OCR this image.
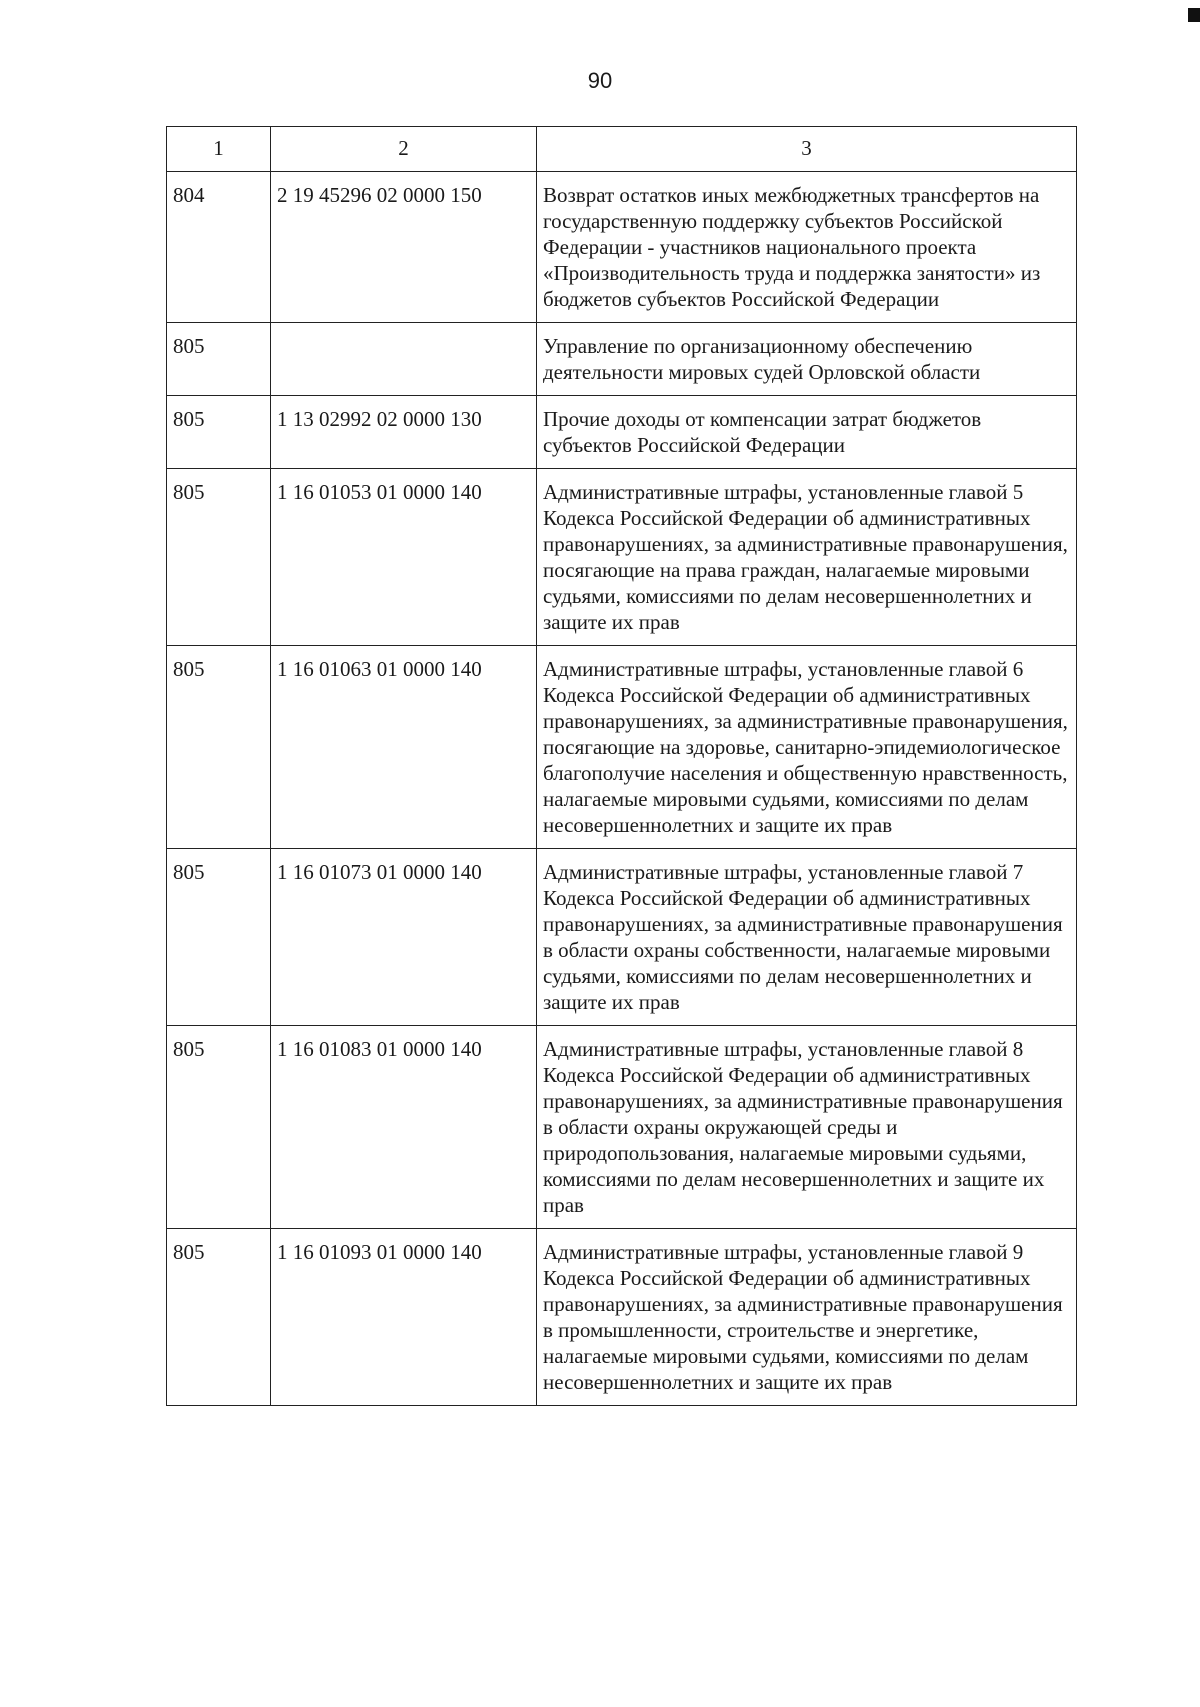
90
1	2	3
804	2 19 45296 02 0000 150	Возврат остатков иных межбюджетных трансфертов на государственную поддержку субъектов Российской Федерации - участников национального проекта «Производительность труда и поддержка занятости» из бюджетов субъектов Российской Федерации
805		Управление по организационному обеспечению деятельности мировых судей Орловской области
805	1 13 02992 02 0000 130	Прочие доходы от компенсации затрат бюджетов субъектов Российской Федерации
805	1 16 01053 01 0000 140	Административные штрафы, установленные главой 5 Кодекса Российской Федерации об административных правонарушениях, за административные правонарушения, посягающие на права граждан, налагаемые мировыми судьями, комиссиями по делам несовершеннолетних и защите их прав
805	1 16 01063 01 0000 140	Административные штрафы, установленные главой 6 Кодекса Российской Федерации об административных правонарушениях, за административные правонарушения, посягающие на здоровье, санитарно-эпидемиологическое благополучие населения и общественную нравственность, налагаемые мировыми судьями, комиссиями по делам несовершеннолетних и защите их прав
805	1 16 01073 01 0000 140	Административные штрафы, установленные главой 7 Кодекса Российской Федерации об административных правонарушениях, за административные правонарушения в области охраны собственности, налагаемые мировыми судьями, комиссиями по делам несовершеннолетних и защите их прав
805	1 16 01083 01 0000 140	Административные штрафы, установленные главой 8 Кодекса Российской Федерации об административных правонарушениях, за административные правонарушения в области охраны окружающей среды и природопользования, налагаемые мировыми судьями, комиссиями по делам несовершеннолетних и защите их прав
805	1 16 01093 01 0000 140	Административные штрафы, установленные главой 9 Кодекса Российской Федерации об административных правонарушениях, за административные правонарушения в промышленности, строительстве и энергетике, налагаемые мировыми судьями, комиссиями по делам несовершеннолетних и защите их прав
